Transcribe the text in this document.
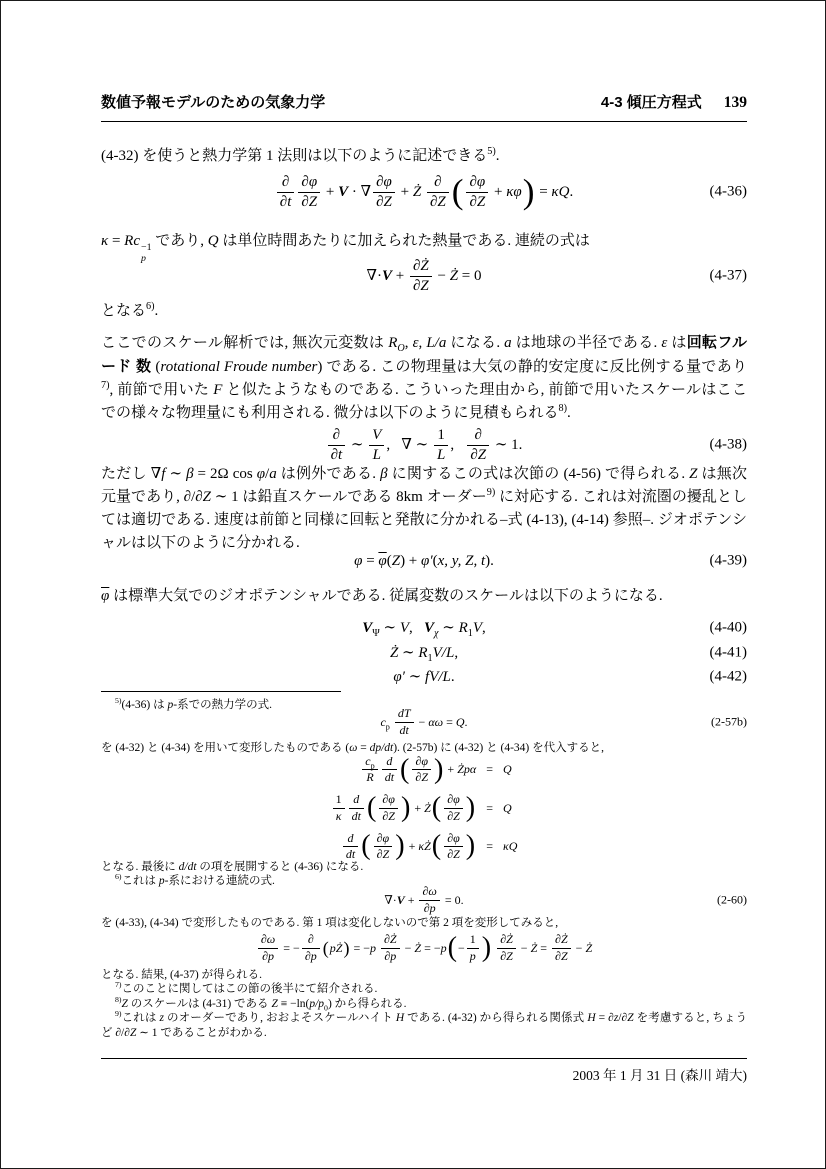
数値予報モデルのための気象力学	4-3 傾圧方程式 139

(4-32) を使うと熱力学第 1 法則は以下のように記述できる$^{5)}$.

$\frac{\partial}{\partial t} \frac{\partial\varphi}{\partial Z} + V$ · ∇ $\frac{\partial\varphi}{\partial Z}$ + Ż $\frac{\partial}{\partial Z}$ ( $\frac{\partial\varphi}{\partial Z} + \kappa\varphi$ ) = κQ.	(4-36)

κ = Rc −1
p
であり, Q は単位時間あたりに加えられた熱量である. 連続の式は

$\nabla\cdot V + \frac{\partial Ż}{\partial Z}$ − Ż = 0	(4-37)

となる$^{6)}$.

ここでのスケール解析では, 無次元変数は $R_O$, ε, L/a になる. a は地球の半径である. ε は回転フルード 数 (rotational Froude number) である. この物理量は大気の静的安定度に反比例する量であり$^{7)}$, 前節で用いた F と似たようなものである. こういった理由から, 前節で用いたスケールはここでの様々な物理量にも利用される. 微分は以下のように見積もられる$^{8)}$.

$\frac{\partial}{\partial t}$ ∼ $\frac{V}{L}$ ,   ∇ ∼ $\frac{1}{L}$ , $\frac{\partial}{\partial Z}$ ∼ 1.	(4-38)

ただし ∇f ∼ β = 2Ω cos φ/a は例外である. β に関するこの式は次節の (4-56) で得られる. Z は無次元量であり, ∂/∂Z ∼ 1 は鉛直スケールである 8km オーダー$^{9)}$ に対応する. これは対流圏の擾乱としては適切である. 速度は前節と同様に回転と発散に分かれる–式 (4-13), (4-14) 参照–. ジオポテンシャルは以下のように分かれる.

$\varphi = \overline{\varphi}(Z) + \varphi'(x$, y, Z, t).	(4-39)

$\overline{\varphi}$ は標準大気でのジオポテンシャルである. 従属変数のスケールは以下のようになる.

$V_\Psi$ ∼ V,   $V_\chi$ ∼ $R_1V$,	(4-40)
Ż ∼ $R_1V/L$,	(4-41)
φ′ ∼ fV/L.	(4-42)

$^{5)}$(4-36) は p-系での熱力学の式.

$c_p \frac{dT}{dt} - \alpha\omega = Q$.	(2-57b)

を (4-32) と (4-34) を用いて変形したものである (ω = dp/dt). (2-57b) に (4-32) と (4-34) を代入すると,

$\frac{c_p}{R} \frac{d}{dt}$ ( $\frac{\partial\varphi}{\partial Z}$ ) + Żpα = Q
$\frac{1}{\kappa} \frac{d}{dt}$ ( $\frac{\partial\varphi}{\partial Z}$ ) + Ż ( $\frac{\partial\varphi}{\partial Z}$ ) = Q
$\frac{d}{dt}$ ( $\frac{\partial\varphi}{\partial Z}$ ) + κŻ ( $\frac{\partial\varphi}{\partial Z}$ ) = κQ

となる. 最後に d/dt の項を展開すると (4-36) になる.

$^{6)}$これは p-系における連続の式.

$\nabla\cdot V + \frac{\partial\omega}{\partial p} = 0$.	(2-60)

を (4-33), (4-34) で変形したものである. 第 1 項は変化しないので第 2 項を変形してみると,

$\frac{\partial\omega}{\partial p}$ = − $\frac{\partial}{\partial p}$ ( pŻ ) = $-p \frac{\partial Ż}{\partial p}$ − Ż = −p ( − $\frac{1}{p}$ )
$\frac{\partial Ż}{\partial Z}$ − Ż = $\frac{\partial Ż}{\partial Z}$ − Ż

となる. 結果, (4-37) が得られる.

$^{7)}$このことに関してはこの節の後半にて紹介される.

$^{8)}$Z のスケールは (4-31) である $Z \equiv -\ln(p/p_0)$ から得られる.

$^{9)}$これは z のオーダーであり, おおよそスケールハイト H である. (4-32) から得られる関係式 H = ∂z/∂Z を考慮すると, ちょうど ∂/∂Z ∼ 1 であることがわかる.

2003 年 1 月 31 日 (森川 靖大)
